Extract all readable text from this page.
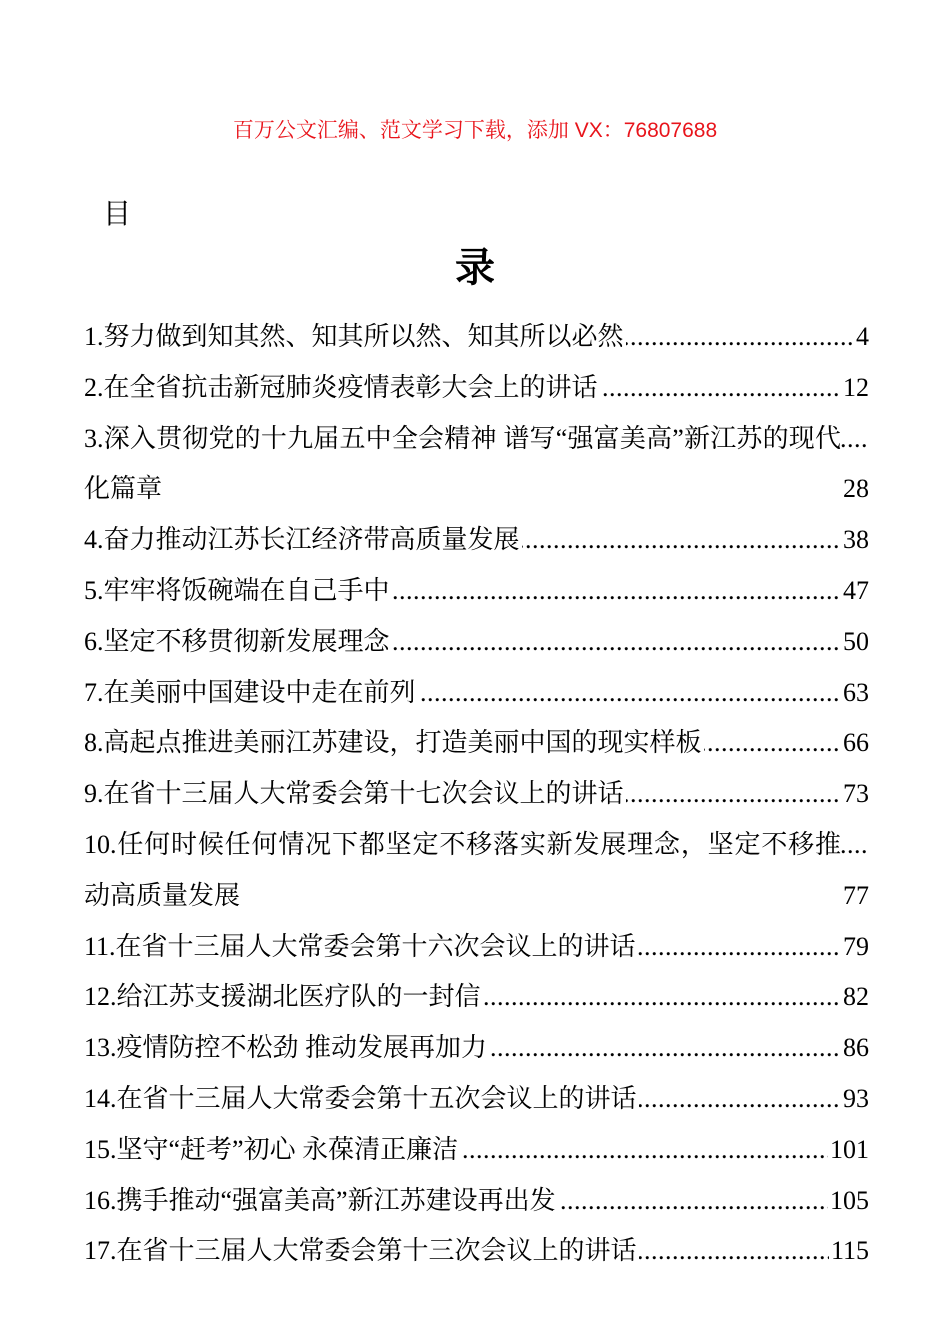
百万公文汇编、范文学习下载，添加 VX：76807688
目
录
..... 4
1.努力做到知其然、知其所以然、知其所以必然
..... 12
2.在全省抗击新冠肺炎疫情表彰大会上的讲话
..... 28
3.深入贯彻党的十九届五中全会精神 谱写“强富美高”新江苏的现代化篇章
..... 38
4.奋力推动江苏长江经济带高质量发展
..... 47
5.牢牢将饭碗端在自己手中
..... 50
6.坚定不移贯彻新发展理念
..... 63
7.在美丽中国建设中走在前列
..... 66
8.高起点推进美丽江苏建设，打造美丽中国的现实样板
..... 73
9.在省十三届人大常委会第十七次会议上的讲话
..... 77
10.任何时候任何情况下都坚定不移落实新发展理念，坚定不移推动高质量发展
..... 79
11.在省十三届人大常委会第十六次会议上的讲话
..... 82
12.给江苏支援湖北医疗队的一封信
..... 86
13.疫情防控不松劲 推动发展再加力
..... 93
14.在省十三届人大常委会第十五次会议上的讲话
..... 101
15.坚守“赶考”初心 永葆清正廉洁
..... 105
16.携手推动“强富美高”新江苏建设再出发
..... 115
17.在省十三届人大常委会第十三次会议上的讲话
